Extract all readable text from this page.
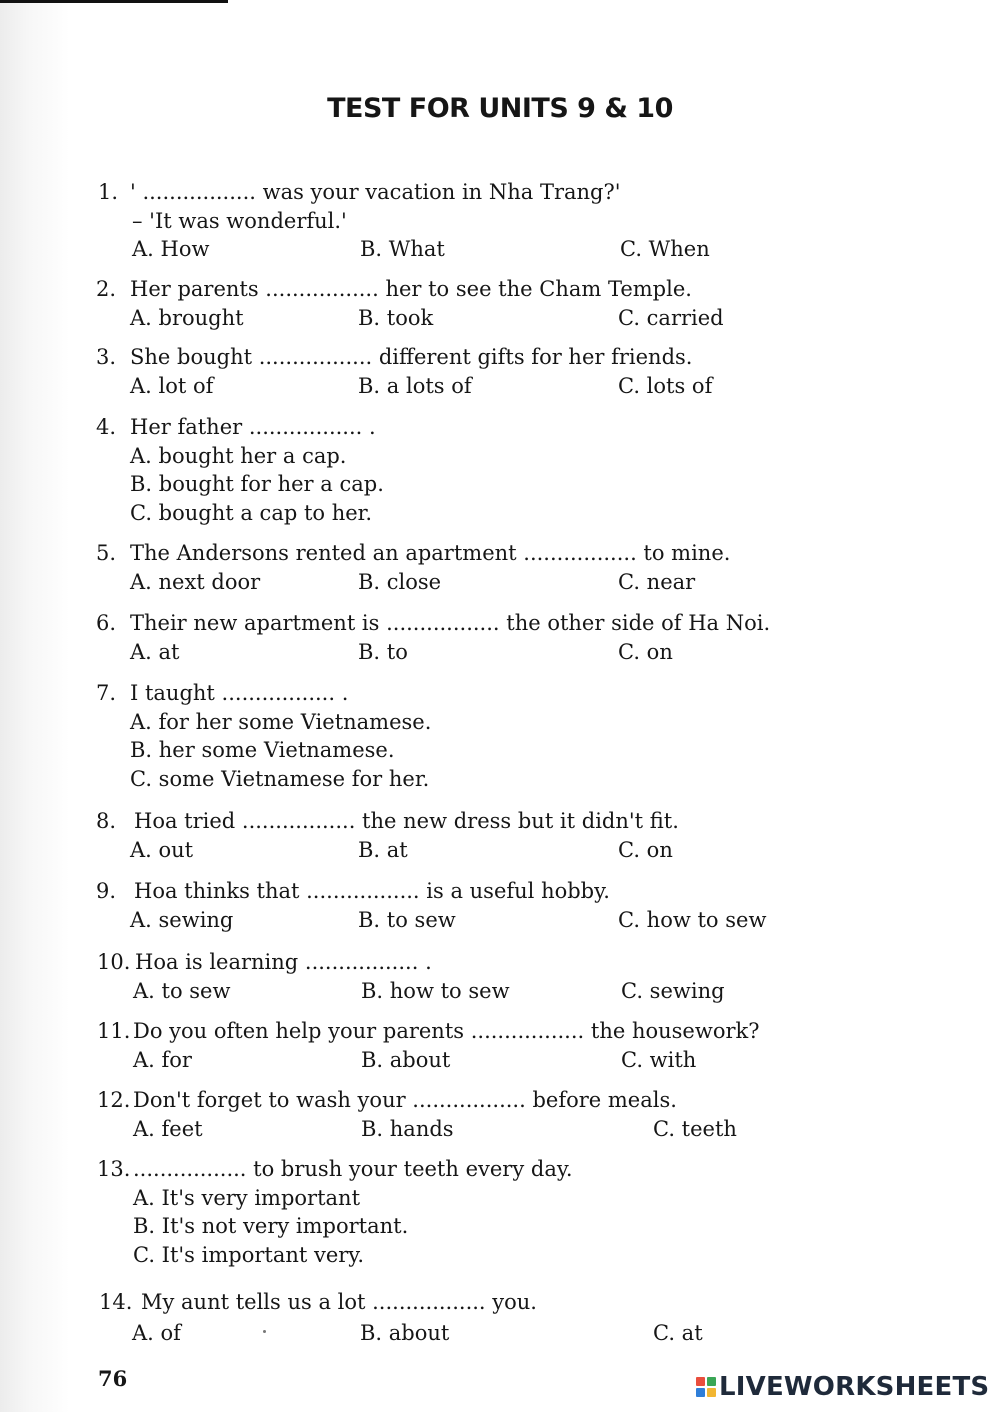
TEST FOR UNITS 9 & 10
1. ' ................. was your vacation in Nha Trang?'
– 'It was wonderful.'
A. How	B. What	C. When
2. Her parents ................. her to see the Cham Temple.
A. brought	B. took	C. carried
3. She bought ................. different gifts for her friends.
A. lot of	B. a lots of	C. lots of
4. Her father ................. .
A. bought her a cap.
B. bought for her a cap.
C. bought a cap to her.
5. The Andersons rented an apartment ................. to mine.
A. next door	B. close	C. near
6. Their new apartment is ................. the other side of Ha Noi.
A. at	B. to	C. on
7. I taught ................. .
A. for her some Vietnamese.
B. her some Vietnamese.
C. some Vietnamese for her.
8. Hoa tried ................. the new dress but it didn't fit.
A. out	B. at	C. on
9. Hoa thinks that ................. is a useful hobby.
A. sewing	B. to sew	C. how to sew
10. Hoa is learning ................. .
A. to sew	B. how to sew	C. sewing
11. Do you often help your parents ................. the housework?
A. for	B. about	C. with
12. Don't forget to wash your ................. before meals.
A. feet	B. hands	C. teeth
13. ................. to brush your teeth every day.
A. It's very important
B. It's not very important.
C. It's important very.
14. My aunt tells us a lot ................. you.
A. of	B. about	C. at
76	LIVEWORKSHEETS
